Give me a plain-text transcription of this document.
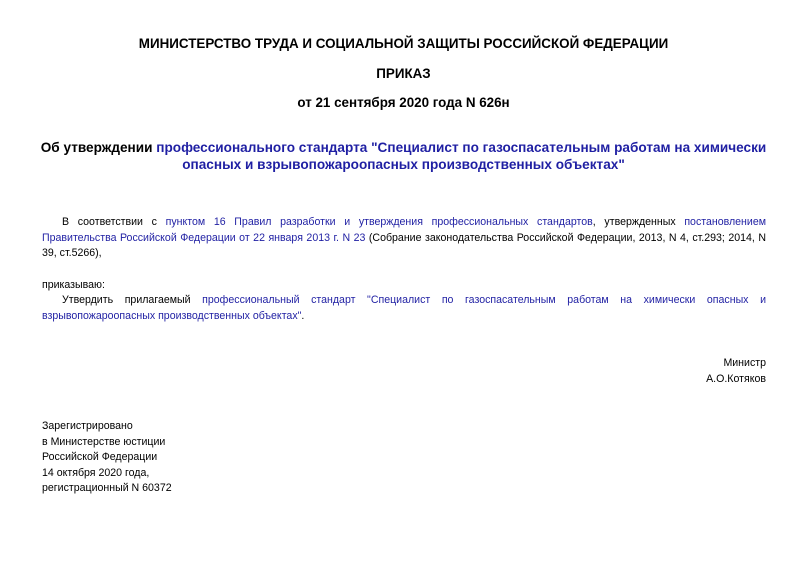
МИНИСТЕРСТВО ТРУДА И СОЦИАЛЬНОЙ ЗАЩИТЫ РОССИЙСКОЙ ФЕДЕРАЦИИ
ПРИКАЗ
от 21 сентября 2020 года N 626н
Об утверждении профессионального стандарта "Специалист по газоспасательным работам на химически опасных и взрывопожароопасных производственных объектах"

В соответствии с пунктом 16 Правил разработки и утверждения профессиональных стандартов, утвержденных постановлением Правительства Российской Федерации от 22 января 2013 г. N 23 (Собрание законодательства Российской Федерации, 2013, N 4, ст.293; 2014, N 39, ст.5266),

приказываю:

Утвердить прилагаемый профессиональный стандарт "Специалист по газоспасательным работам на химически опасных и взрывопожароопасных производственных объектах".

Министр

А.О.Котяков

Зарегистрировано
в Министерстве юстиции
Российской Федерации
14 октября 2020 года,
регистрационный N 60372
